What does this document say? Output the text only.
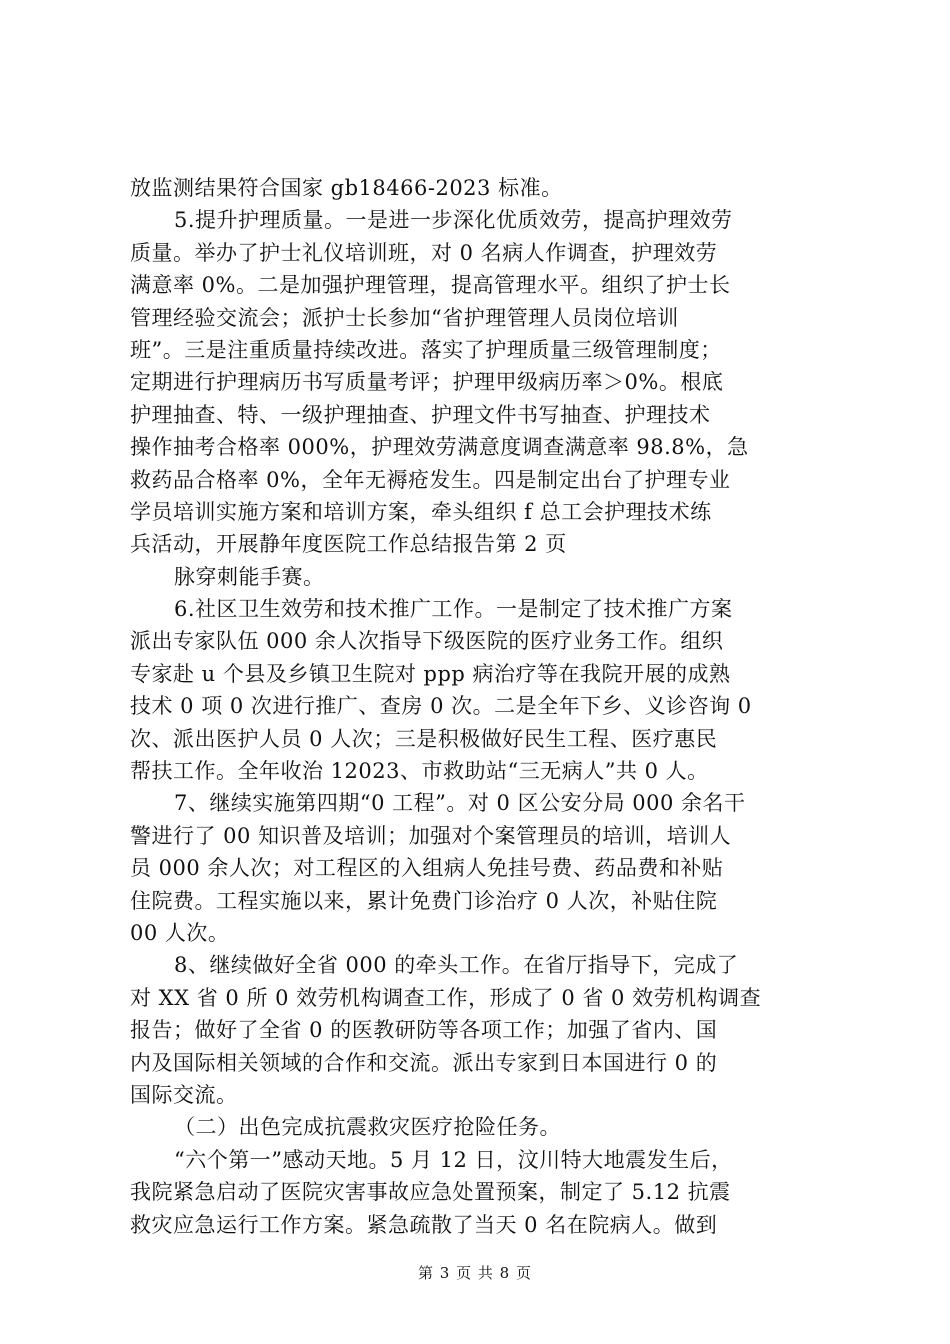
放监测结果符合国家 gb18466-2023 标准。
5.提升护理质量。一是进一步深化优质效劳，提高护理效劳
质量。举办了护士礼仪培训班，对 0 名病人作调查，护理效劳
满意率 0%。二是加强护理管理，提高管理水平。组织了护士长
管理经验交流会；派护士长参加“省护理管理人员岗位培训
班”。三是注重质量持续改进。落实了护理质量三级管理制度；
定期进行护理病历书写质量考评；护理甲级病历率＞0%。根底
护理抽查、特、一级护理抽查、护理文件书写抽查、护理技术
操作抽考合格率 000%，护理效劳满意度调查满意率 98.8%，急
救药品合格率 0%，全年无褥疮发生。四是制定出台了护理专业
学员培训实施方案和培训方案，牵头组织 f 总工会护理技术练
兵活动，开展静年度医院工作总结报告第 2 页
脉穿刺能手赛。
6.社区卫生效劳和技术推广工作。一是制定了技术推广方案
派出专家队伍 000 余人次指导下级医院的医疗业务工作。组织
专家赴 u 个县及乡镇卫生院对 ppp 病治疗等在我院开展的成熟
技术 0 项 0 次进行推广、查房 0 次。二是全年下乡、义诊咨询 0
次、派出医护人员 0 人次；三是积极做好民生工程、医疗惠民
帮扶工作。全年收治 12023、市救助站“三无病人”共 0 人。
7、继续实施第四期“0 工程”。对 0 区公安分局 000 余名干
警进行了 00 知识普及培训；加强对个案管理员的培训，培训人
员 000 余人次；对工程区的入组病人免挂号费、药品费和补贴
住院费。工程实施以来，累计免费门诊治疗 0 人次，补贴住院
00 人次。
8、继续做好全省 000 的牵头工作。在省厅指导下，完成了
对 XX 省 0 所 0 效劳机构调查工作，形成了 0 省 0 效劳机构调查
报告；做好了全省 0 的医教研防等各项工作；加强了省内、国
内及国际相关领域的合作和交流。派出专家到日本国进行 0 的
国际交流。
（二）出色完成抗震救灾医疗抢险任务。
“六个第一”感动天地。5 月 12 日，汶川特大地震发生后，
我院紧急启动了医院灾害事故应急处置预案，制定了 5.12 抗震
救灾应急运行工作方案。紧急疏散了当天 0 名在院病人。做到
第 3 页 共 8 页
